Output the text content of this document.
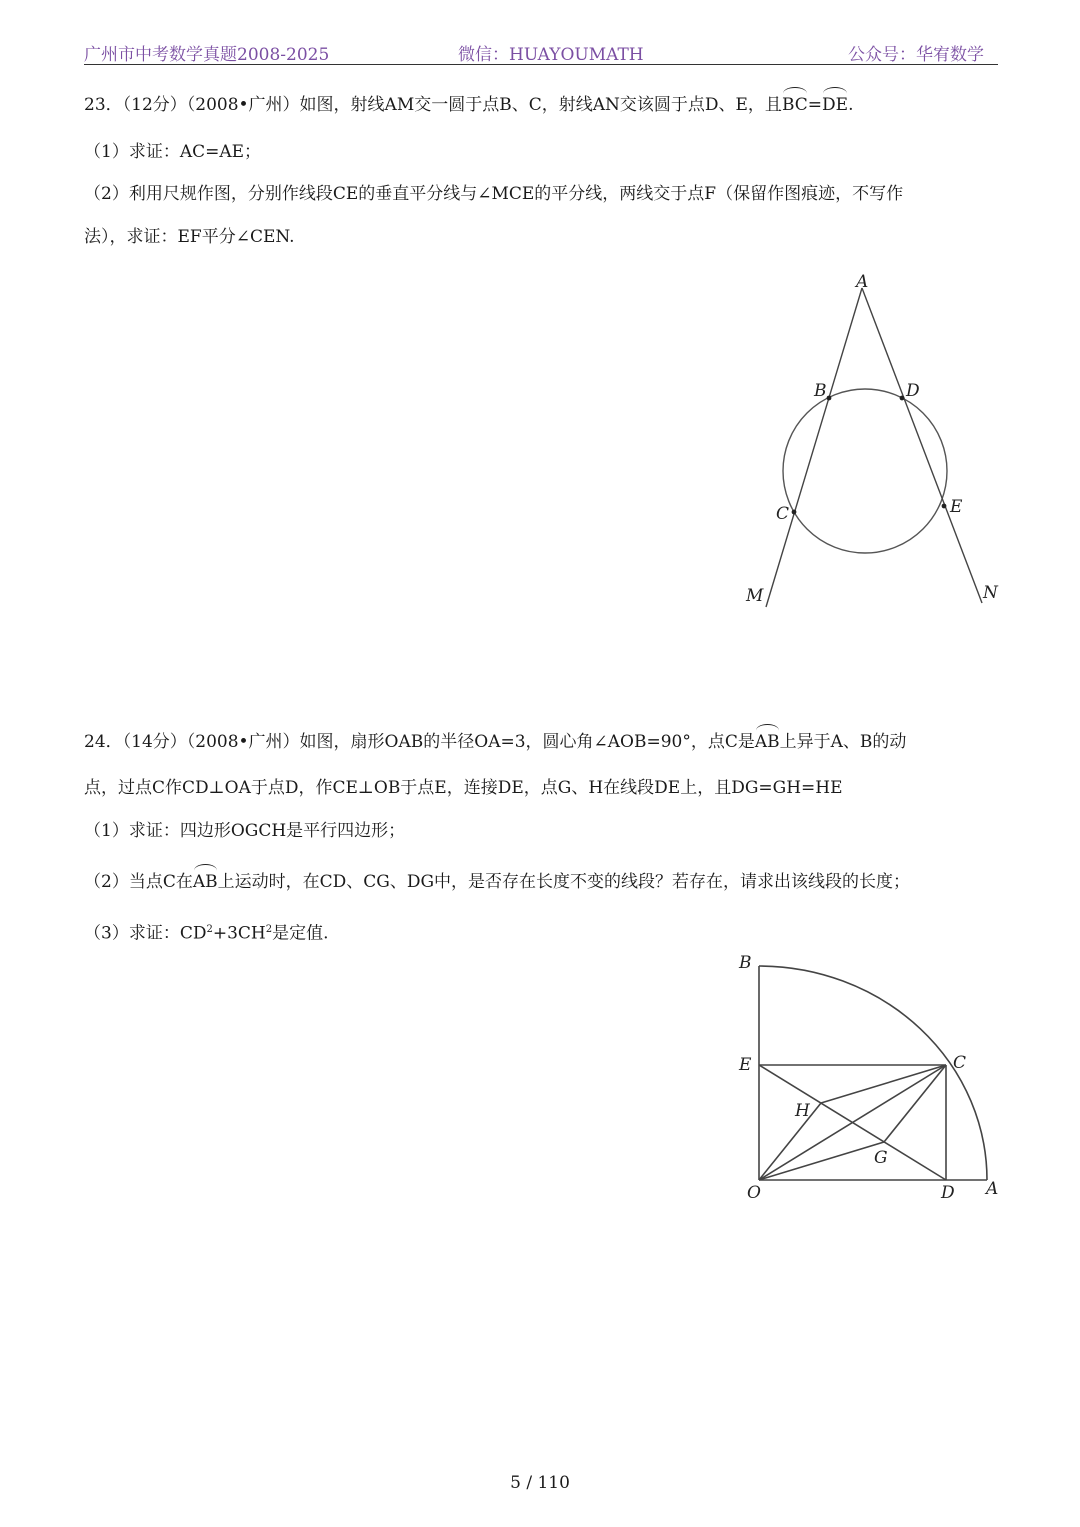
广州市中考数学真题2008-2025	微信：HUAYOUMATH	公众号：华宥数学
23．（12分）（2008•广州）如图，射线AM交一圆于点B、C，射线AN交该圆于点D、E，且BC=DE.
（1）求证：AC=AE；
（2）利用尺规作图，分别作线段CE的垂直平分线与∠MCE的平分线，两线交于点F（保留作图痕迹，不写作
法），求证：EF平分∠CEN.
A
B	D
C	E
M	N
24．（14分）（2008•广州）如图，扇形OAB的半径OA=3，圆心角∠AOB=90°，点C是AB上异于A、B的动
点，过点C作CD⊥OA于点D，作CE⊥OB于点E，连接DE，点G、H在线段DE上，且DG=GH=HE
（1）求证：四边形OGCH是平行四边形；
（2）当点C在AB上运动时，在CD、CG、DG中，是否存在长度不变的线段？若存在，请求出该线段的长度；
（3）求证：$CD^2+3CH^2$是定值.
B
E	C
H
G
O	D A
5 / 110
